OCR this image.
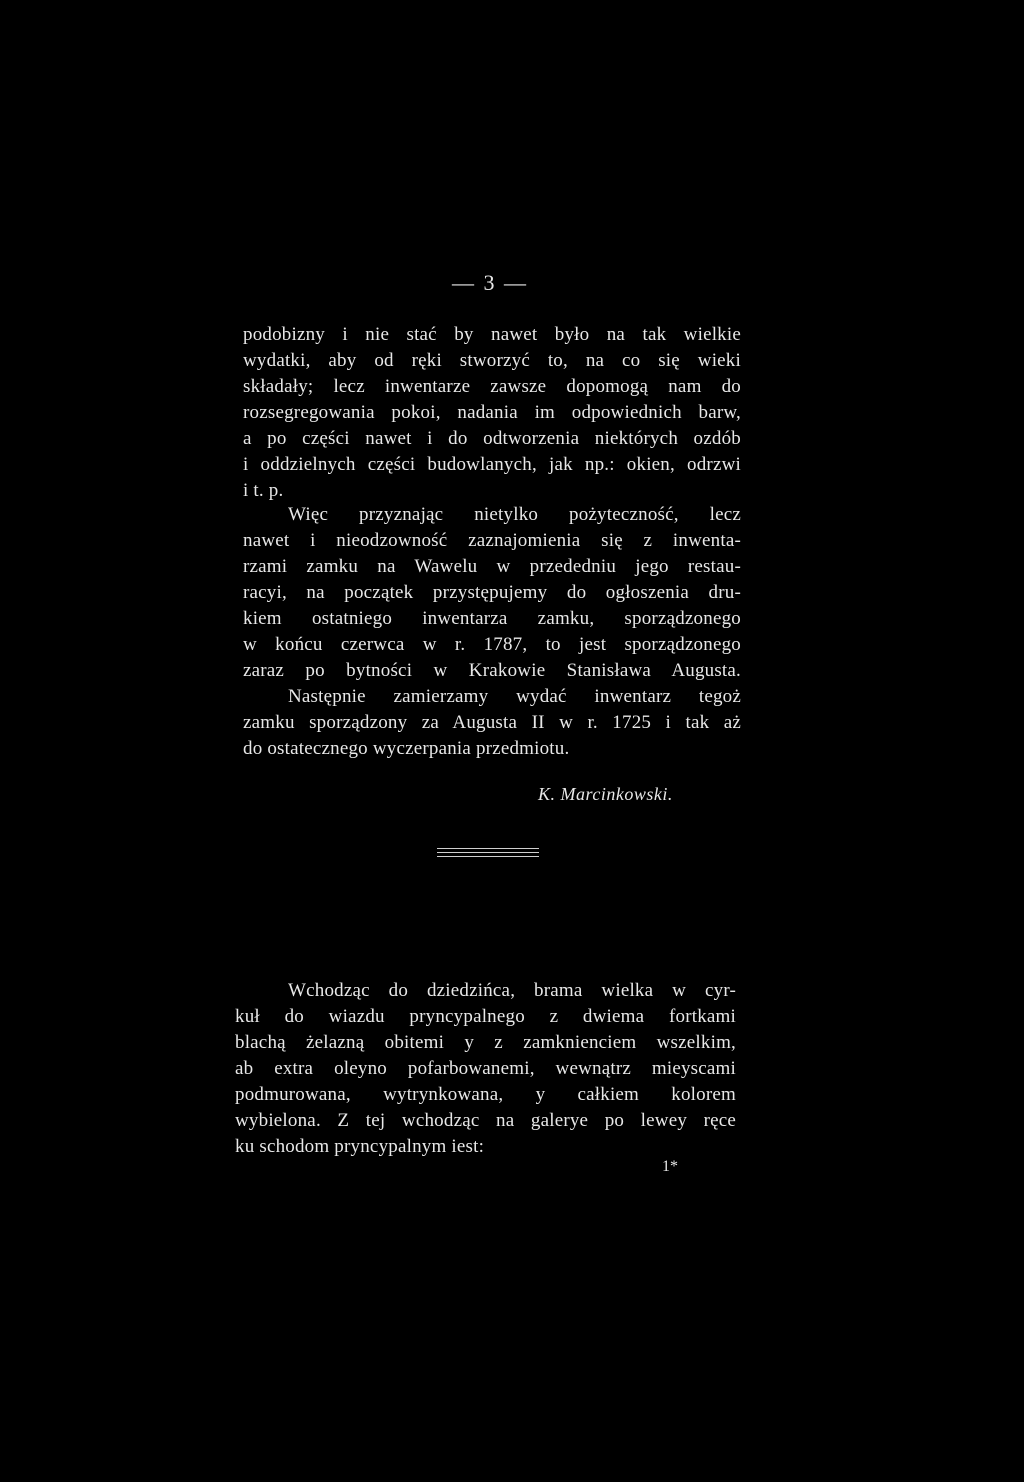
— 3 —
podobizny i nie stać by nawet było na tak wielkie
wydatki, aby od ręki stworzyć to, na co się wieki
składały; lecz inwentarze zawsze dopomogą nam do
rozsegregowania pokoi, nadania im odpowiednich barw,
a po części nawet i do odtworzenia niektórych ozdób
i oddzielnych części budowlanych, jak np.: okien, odrzwi
i t. p.
Więc przyznając nietylko pożyteczność, lecz
nawet i nieodzowność zaznajomienia się z inwenta-
rzami zamku na Wawelu w przededniu jego restau-
racyi, na początek przystępujemy do ogłoszenia dru-
kiem ostatniego inwentarza zamku, sporządzonego
w końcu czerwca w r. 1787, to jest sporządzonego
zaraz po bytności w Krakowie Stanisława Augusta.
Następnie zamierzamy wydać inwentarz tegoż
zamku sporządzony za Augusta II w r. 1725 i tak aż
do ostatecznego wyczerpania przedmiotu.
K. Marcinkowski.
Wchodząc do dziedzińca, brama wielka w cyr-
kuł do wiazdu pryncypalnego z dwiema fortkami
blachą żelazną obitemi y z zamknienciem wszelkim,
ab extra oleyno pofarbowanemi, wewnątrz mieyscami
podmurowana, wytrynkowana, y całkiem kolorem
wybielona. Z tej wchodząc na galerye po lewey ręce
ku schodom pryncypalnym iest:
1*
